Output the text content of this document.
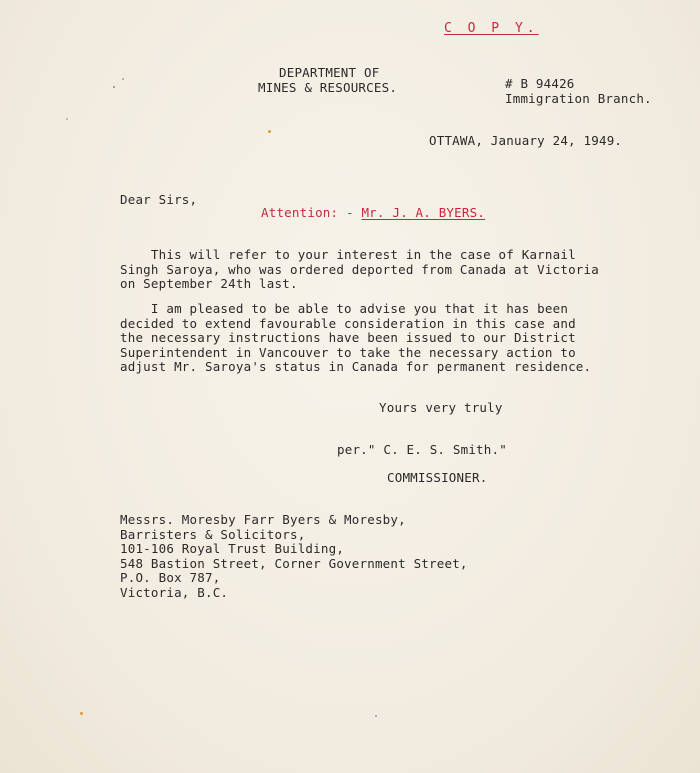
C O P Y.
DEPARTMENT OF
MINES & RESOURCES.	# B 94426
Immigration Branch.
OTTAWA, January 24, 1949.
Dear Sirs,
Attention: - Mr. J. A. BYERS.
This will refer to your interest in the case of Karnail
Singh Saroya, who was ordered deported from Canada at Victoria
on September 24th last.
I am pleased to be able to advise you that it has been
decided to extend favourable consideration in this case and
the necessary instructions have been issued to our District
Superintendent in Vancouver to take the necessary action to
adjust Mr. Saroya's status in Canada for permanent residence.
Yours very truly
per." C. E. S. Smith."
COMMISSIONER.
Messrs. Moresby Farr Byers & Moresby,
Barristers & Solicitors,
101-106 Royal Trust Building,
548 Bastion Street, Corner Government Street,
P.O. Box 787,
Victoria, B.C.
